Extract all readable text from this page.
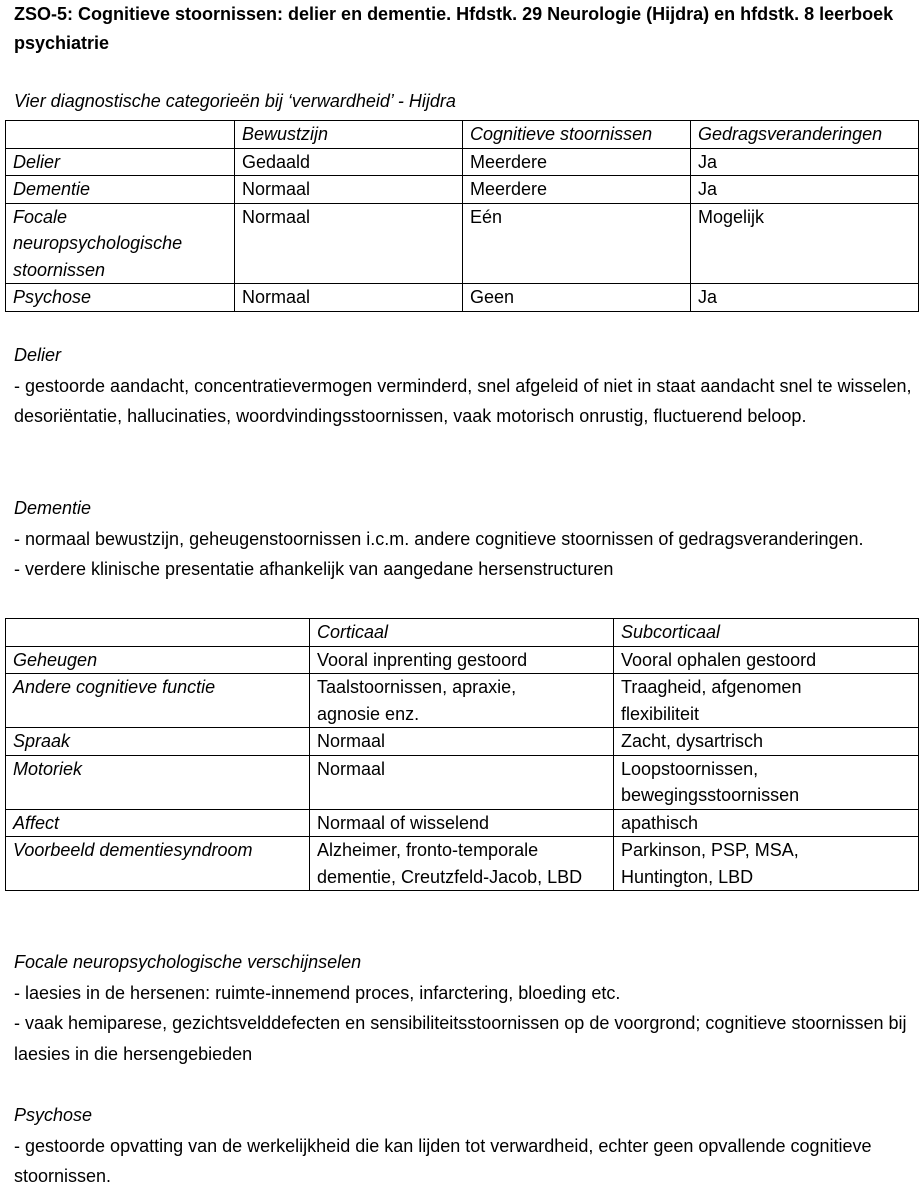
ZSO-5: Cognitieve stoornissen: delier en dementie. Hfdstk. 29 Neurologie (Hijdra) en hfdstk. 8 leerboek psychiatrie
Vier diagnostische categorieën bij ‘verwardheid’ - Hijdra
	Bewustzijn	Cognitieve stoornissen	Gedragsveranderingen
Delier	Gedaald	Meerdere	Ja
Dementie	Normaal	Meerdere	Ja
Focale neuropsychologische stoornissen	Normaal	Eén	Mogelijk
Psychose	Normaal	Geen	Ja
Delier
- gestoorde aandacht, concentratievermogen verminderd, snel afgeleid of niet in staat aandacht snel te wisselen, desoriëntatie, hallucinaties, woordvindingsstoornissen, vaak motorisch onrustig, fluctuerend beloop.
Dementie
- normaal bewustzijn, geheugenstoornissen i.c.m. andere cognitieve stoornissen of gedragsveranderingen.
- verdere klinische presentatie afhankelijk van aangedane hersenstructuren
	Corticaal	Subcorticaal
Geheugen	Vooral inprenting gestoord	Vooral ophalen gestoord
Andere cognitieve functie	Taalstoornissen, apraxie, agnosie enz.	Traagheid, afgenomen flexibiliteit
Spraak	Normaal	Zacht, dysartrisch
Motoriek	Normaal	Loopstoornissen, bewegingsstoornissen
Affect	Normaal of wisselend	apathisch
Voorbeeld dementiesyndroom	Alzheimer, fronto-temporale dementie, Creutzfeld-Jacob, LBD	Parkinson, PSP, MSA, Huntington, LBD
Focale neuropsychologische verschijnselen
- laesies in de hersenen: ruimte-innemend proces, infarctering, bloeding etc.
- vaak hemiparese, gezichtsvelddefecten en sensibiliteitsstoornissen op de voorgrond; cognitieve stoornissen bij laesies in die hersengebieden
Psychose
- gestoorde opvatting van de werkelijkheid die kan lijden tot verwardheid, echter geen opvallende cognitieve stoornissen.
